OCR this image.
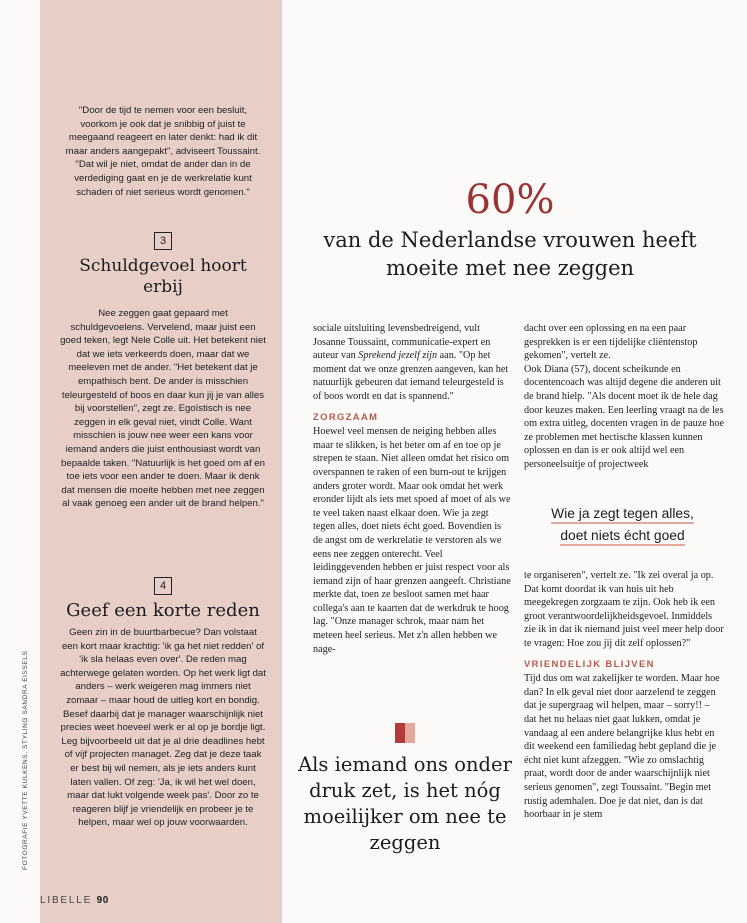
FOTOGRAFIE YVETTE KULKENS, STYLING SANDRA EISSELS

"Door de tijd te nemen voor een besluit, voorkom je ook dat je snibbig of juist te meegaand reageert en later denkt: had ik dit maar anders aangepakt", adviseert Toussaint. "Dat wil je niet, omdat de ander dan in de verdediging gaat en je de werkrelatie kunt schaden of niet serieus wordt genomen."

3
Schuldgevoel hoort erbij

Nee zeggen gaat gepaard met schuldgevoelens. Vervelend, maar juist een goed teken, legt Nele Colle uit. Het betekent niet dat we iets verkeerds doen, maar dat we meeleven met de ander. "Het betekent dat je empathisch bent. De ander is misschien teleurgesteld of boos en daar kun jij je van alles bij voorstellen", zegt ze. Egoïstisch is nee zeggen in elk geval niet, vindt Colle. Want misschien is jouw nee weer een kans voor iemand anders die juist enthousiast wordt van bepaalde taken. "Natuurlijk is het goed om af en toe iets voor een ander te doen. Maar ik denk dat mensen die moeite hebben met nee zeggen al vaak genoeg een ander uit de brand helpen."

4
Geef een korte reden

Geen zin in de buurtbarbecue? Dan volstaat een kort maar krachtig: 'ik ga het niet redden' of 'ik sla helaas even over'. De reden mag achterwege gelaten worden. Op het werk ligt dat anders – werk weigeren mag immers niet zomaar – maar houd de uitleg kort en bondig. Besef daarbij dat je manager waarschijnlijk niet precies weet hoeveel werk er al op je bordje ligt. Leg bijvoorbeeld uit dat je al drie deadlines hebt of vijf projecten managet. Zeg dat je deze taak er best bij wil nemen, als je iets anders kunt laten vallen. Of zeg: 'Ja, ik wil het wel doen, maar dat lukt volgende week pas'. Door zo te reageren blijf je vriendelijk en probeer je te helpen, maar wel op jouw voorwaarden.

60%
van de Nederlandse vrouwen heeft moeite met nee zeggen

sociale uitsluiting levensbedreigend, vult Josanne Toussaint, communicatie-expert en auteur van Sprekend jezelf zijn aan. "Op het moment dat we onze grenzen aangeven, kan het natuurlijk gebeuren dat iemand teleurgesteld is of boos wordt en dat is spannend."

ZORGZAAM

Hoewel veel mensen de neiging hebben alles maar te slikken, is het beter om af en toe op je strepen te staan. Niet alleen omdat het risico om overspannen te raken of een burn-out te krijgen anders groter wordt. Maar ook omdat het werk eronder lijdt als iets met spoed af moet of als we te veel taken naast elkaar doen. Wie ja zegt tegen alles, doet niets écht goed. Bovendien is de angst om de werkrelatie te verstoren als we eens nee zeggen onterecht. Veel leidinggevenden hebben er juist respect voor als iemand zijn of haar grenzen aangeeft. Christiane merkte dat, toen ze besloot samen met haar collega's aan te kaarten dat de werkdruk te hoog lag. "Onze manager schrok, maar nam het meteen heel serieus. Met z'n allen hebben we nage-

dacht over een oplossing en na een paar gesprekken is er een tijdelijke cliëntenstop gekomen", vertelt ze.

Ook Diana (57), docent scheikunde en docentencoach was altijd degene die anderen uit de brand hielp. "Als docent moet ik de hele dag door keuzes maken. Een leerling vraagt na de les om extra uitleg, docenten vragen in de pauze hoe ze problemen met hectische klassen kunnen oplossen en dan is er ook altijd wel een personeelsuitje of projectweek

Wie ja zegt tegen alles,
doet niets écht goed

te organiseren", vertelt ze. "Ik zei overal ja op. Dat komt doordat ik van huis uit heb meegekregen zorgzaam te zijn. Ook heb ik een groot verantwoordelijkheidsgevoel. Inmiddels zie ik in dat ik niemand juist veel meer help door te vragen: Hoe zou jij dit zelf oplossen?"

VRIENDELIJK BLIJVEN

Tijd dus om wat zakelijker te worden. Maar hoe dan? In elk geval niet door aarzelend te zeggen dat je supergraag wil helpen, maar – sorry!! – dat het nu helaas niet gaat lukken, omdat je vandaag al een andere belangrijke klus hebt en dit weekend een familiedag hebt gepland die je écht niet kunt afzeggen. "Wie zo omslachtig praat, wordt door de ander waarschijnlijk niet serieus genomen", zegt Toussaint. "Begin met rustig ademhalen. Doe je dat niet, dan is dat hoorbaar in je stem

Als iemand ons onder druk zet, is het nóg moeilijker om nee te zeggen
LIBELLE 90
